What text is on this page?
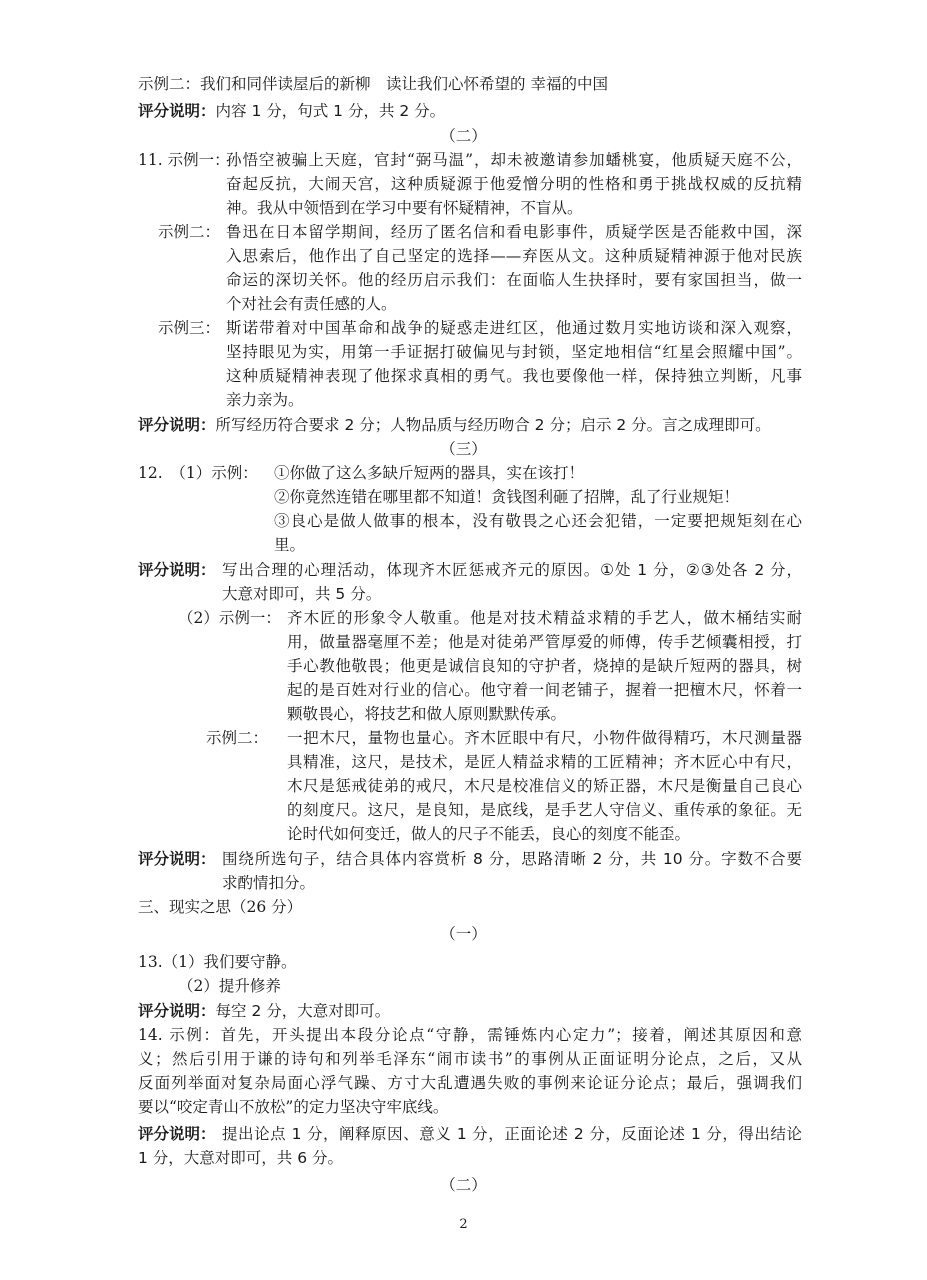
示例二：我们和同伴读屋后的新柳　读让我们心怀希望的 幸福的中国
评分说明：内容 1 分，句式 1 分，共 2 分。
（二）
11. 示例一：
孙悟空被骗上天庭，官封“弼马温”，却未被邀请参加蟠桃宴，他质疑天庭不公，
奋起反抗，大闹天宫，这种质疑源于他爱憎分明的性格和勇于挑战权威的反抗精
神。我从中领悟到在学习中要有怀疑精神，不盲从。
示例二： 鲁迅在日本留学期间，经历了匿名信和看电影事件，质疑学医是否能救中国，深
入思索后，他作出了自己坚定的选择——弃医从文。这种质疑精神源于他对民族
命运的深切关怀。他的经历启示我们：在面临人生抉择时，要有家国担当，做一
个对社会有责任感的人。
示例三： 斯诺带着对中国革命和战争的疑惑走进红区，他通过数月实地访谈和深入观察，
坚持眼见为实，用第一手证据打破偏见与封锁，坚定地相信“红星会照耀中国”。
这种质疑精神表现了他探求真相的勇气。我也要像他一样，保持独立判断，凡事
亲力亲为。
评分说明：所写经历符合要求 2 分；人物品质与经历吻合 2 分；启示 2 分。言之成理即可。
（三）
12.　（1）示例： ①你做了这么多缺斤短两的器具，实在该打！
②你竟然连错在哪里都不知道！贪钱图利砸了招牌，乱了行业规矩！
③良心是做人做事的根本，没有敬畏之心还会犯错，一定要把规矩刻在心
里。
评分说明： 写出合理的心理活动，体现齐木匠惩戒齐元的原因。①处 1 分，②③处各 2 分，
大意对即可，共 5 分。
（2）示例一： 齐木匠的形象令人敬重。他是对技术精益求精的手艺人，做木桶结实耐
用，做量器毫厘不差；他是对徒弟严管厚爱的师傅，传手艺倾囊相授，打
手心教他敬畏；他更是诚信良知的守护者，烧掉的是缺斤短两的器具，树
起的是百姓对行业的信心。他守着一间老铺子，握着一把檀木尺，怀着一
颗敬畏心，将技艺和做人原则默默传承。
示例二： 一把木尺，量物也量心。齐木匠眼中有尺，小物件做得精巧，木尺测量器
具精准，这尺，是技术，是匠人精益求精的工匠精神；齐木匠心中有尺，
木尺是惩戒徒弟的戒尺，木尺是校准信义的矫正器，木尺是衡量自己良心
的刻度尺。这尺，是良知，是底线，是手艺人守信义、重传承的象征。无
论时代如何变迁，做人的尺子不能丢，良心的刻度不能歪。
评分说明： 围绕所选句子，结合具体内容赏析 8 分，思路清晰 2 分，共 10 分。字数不合要
求酌情扣分。
三、现实之思（26 分）
（一）
13.（1）我们要守静。
（2）提升修养
评分说明：每空 2 分，大意对即可。
14. 示例：首先，开头提出本段分论点“守静，需锤炼内心定力”；接着，阐述其原因和意
义；然后引用于谦的诗句和列举毛泽东“闹市读书”的事例从正面证明分论点，之后，又从
反面列举面对复杂局面心浮气躁、方寸大乱遭遇失败的事例来论证分论点；最后，强调我们
要以“咬定青山不放松”的定力坚决守牢底线。
评分说明： 提出论点 1 分，阐释原因、意义 1 分，正面论述 2 分，反面论述 1 分，得出结论
1 分，大意对即可，共 6 分。
（二）
2
